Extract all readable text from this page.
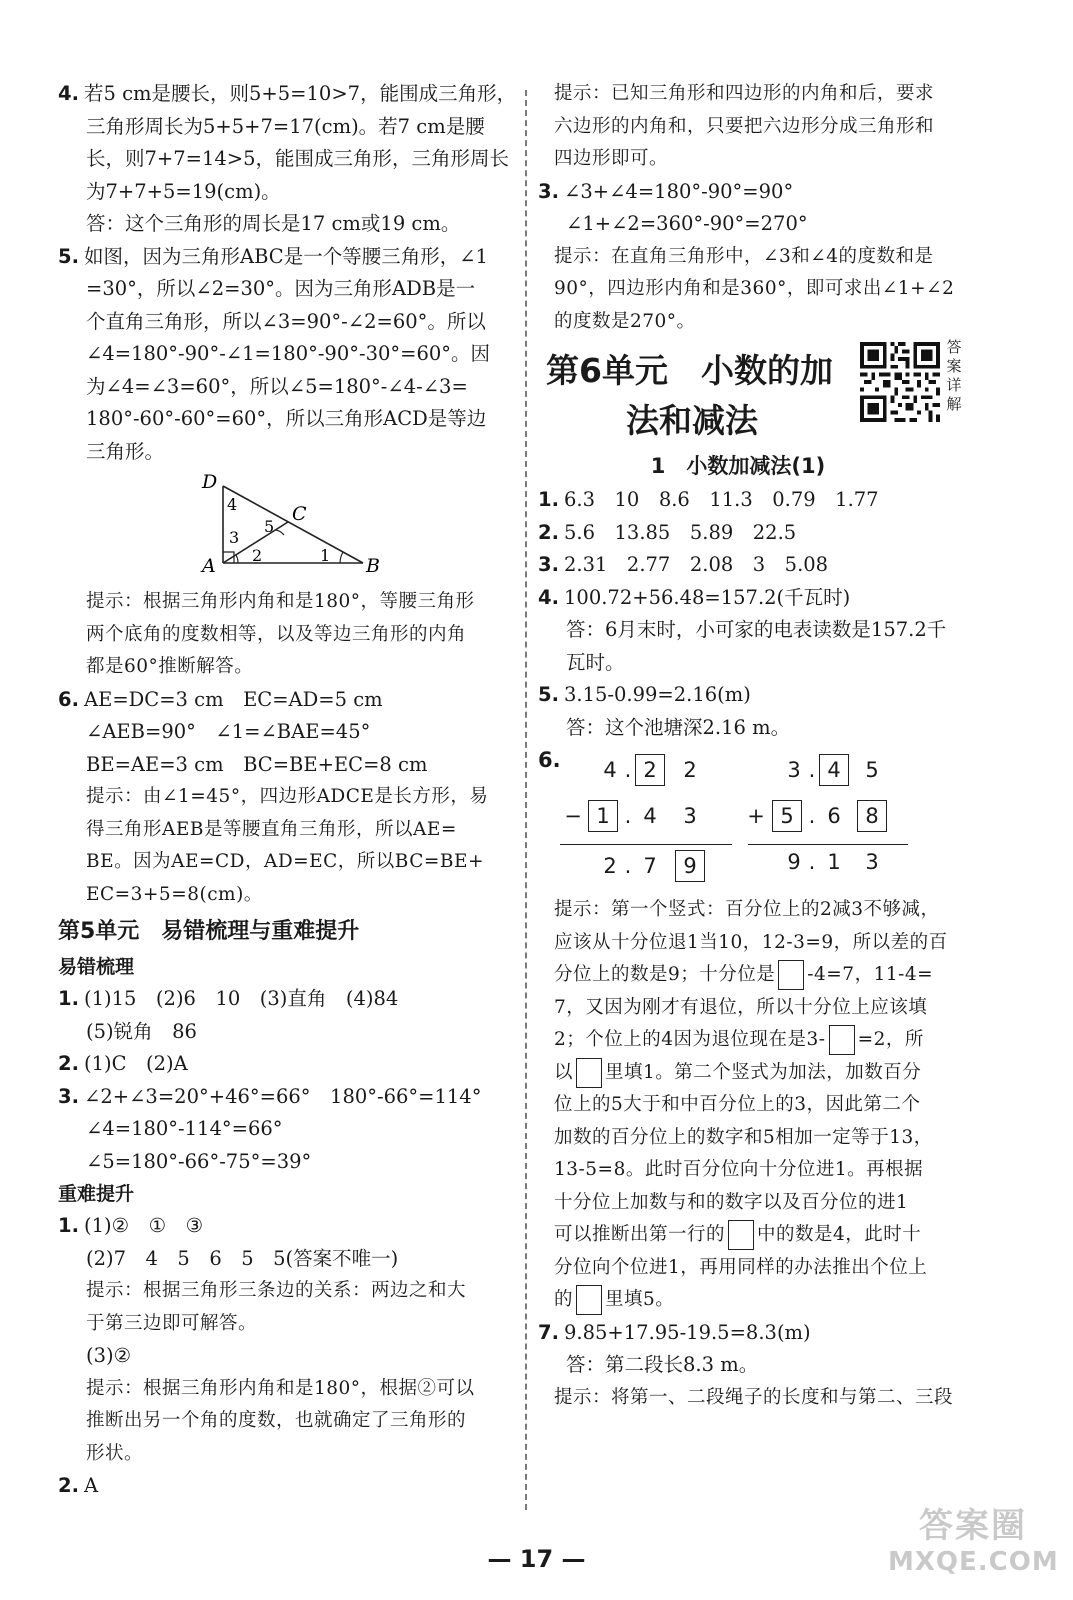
4. 若5 cm是腰长，则5+5=10>7，能围成三角形，

三角形周长为5+5+7=17(cm)。若7 cm是腰

长，则7+7=14>5，能围成三角形，三角形周长

为7+7+5=19(cm)。

答：这个三角形的周长是17 cm或19 cm。

5. 如图，因为三角形ABC是一个等腰三角形，∠1

=30°，所以∠2=30°。因为三角形ADB是一

个直角三角形，所以∠3=90°-∠2=60°。所以

∠4=180°-90°-∠1=180°-90°-30°=60°。因

为∠4=∠3=60°，所以∠5=180°-∠4-∠3=

180°-60°-60°=60°，所以三角形ACD是等边

三角形。

D
A	B
C
4
3
5
2	1

提示：根据三角形内角和是180°，等腰三角形

两个底角的度数相等，以及等边三角形的内角

都是60°推断解答。

6. AE=DC=3 cm　EC=AD=5 cm

∠AEB=90°　∠1=∠BAE=45°

BE=AE=3 cm　BC=BE+EC=8 cm

提示：由∠1=45°，四边形ADCE是长方形，易

得三角形AEB是等腰直角三角形，所以AE=

BE。因为AE=CD，AD=EC，所以BC=BE+

EC=3+5=8(cm)。

第5单元　易错梳理与重难提升

易错梳理

1. (1)15　(2)6　10　(3)直角　(4)84

(5)锐角　86

2. (1)C　(2)A

3. ∠2+∠3=20°+46°=66°　180°-66°=114°

∠4=180°-114°=66°

∠5=180°-66°-75°=39°

重难提升

1. (1)②　①　③

(2)7　4　5　6　5　5(答案不唯一)

提示：根据三角形三条边的关系：两边之和大

于第三边即可解答。

(3)②

提示：根据三角形内角和是180°，根据②可以

推断出另一个角的度数，也就确定了三角形的

形状。

2. A

提示：已知三角形和四边形的内角和后，要求

六边形的内角和，只要把六边形分成三角形和

四边形即可。

3. ∠3+∠4=180°-90°=90°

∠1+∠2=360°-90°=270°

提示：在直角三角形中，∠3和∠4的度数和是

90°，四边形内角和是360°，即可求出∠1+∠2

的度数是270°。

第6单元　小数的加
法和减法
答案详解
1　小数加减法(1)

1. 6.3　10　8.6　11.3　0.79　1.77

2. 5.6　13.85　5.89　22.5

3. 2.31　2.77　2.08　3　5.08

4. 100.72+56.48=157.2(千瓦时)

答：6月末时，小可家的电表读数是157.2千

瓦时。

5. 3.15-0.99=2.16(m)

答：这个池塘深2.16 m。

6. 4 . 2	2
− 1 . 4 3
2 . 7	9
3 . 4	5
+ 5 . 6	8
9 . 1 3

提示：第一个竖式：百分位上的2减3不够减，

应该从十分位退1当10，12-3=9，所以差的百

分位上的数是9；十分位是 -4=7，11-4=

7，又因为刚才有退位，所以十分位上应该填

2；个位上的4因为退位现在是3- =2，所

以 里填1。第二个竖式为加法，加数百分

位上的5大于和中百分位上的3，因此第二个

加数的百分位上的数字和5相加一定等于13，

13-5=8。此时百分位向十分位进1。再根据

十分位上加数与和的数字以及百分位的进1

可以推断出第一行的 中的数是4，此时十

分位向个位进1，再用同样的办法推出个位上

的 里填5。

7. 9.85+17.95-19.5=8.3(m)

答：第二段长8.3 m。

提示：将第一、二段绳子的长度和与第二、三段

— 17 —
答案圈
MXQE.COM
